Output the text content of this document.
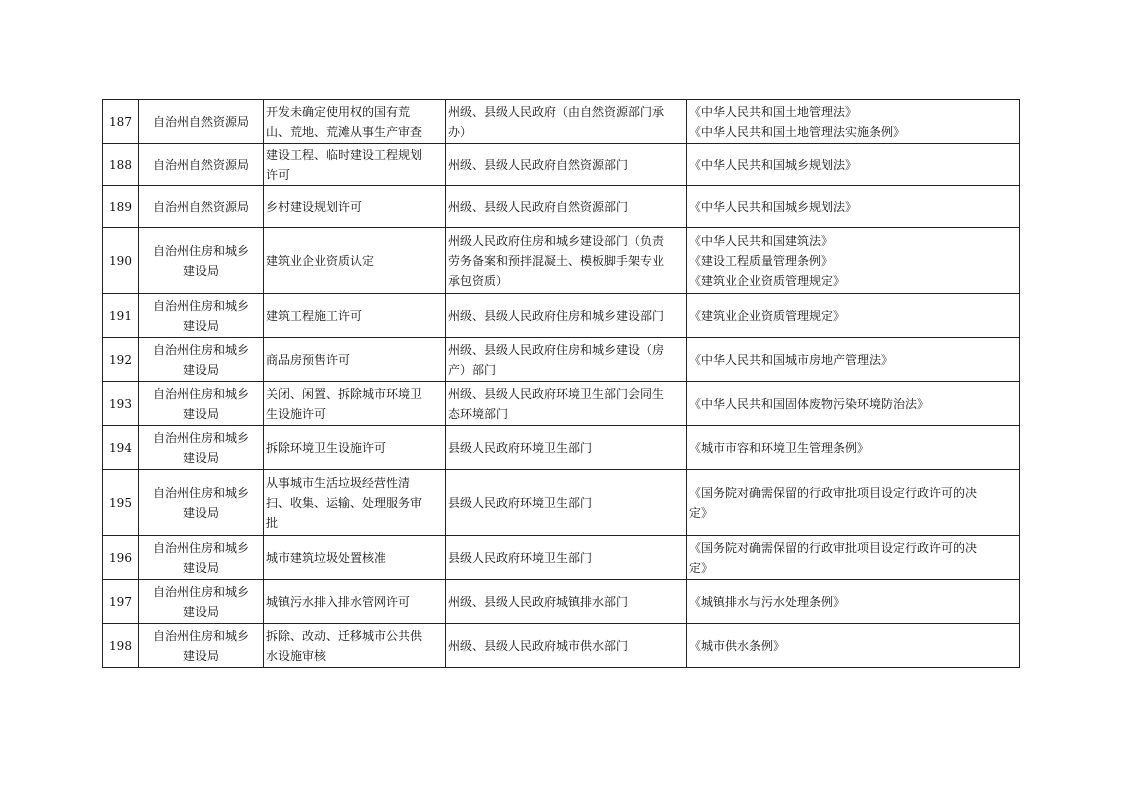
187	自治州自然资源局	开发未确定使用权的国有荒
山、荒地、荒滩从事生产审查	州级、县级人民政府（由自然资源部门承
办）	《中华人民共和国土地管理法》
《中华人民共和国土地管理法实施条例》

188	自治州自然资源局	建设工程、临时建设工程规划
许可	州级、县级人民政府自然资源部门	《中华人民共和国城乡规划法》

189	自治州自然资源局	乡村建设规划许可	州级、县级人民政府自然资源部门	《中华人民共和国城乡规划法》

190	自治州住房和城乡
建设局	建筑业企业资质认定	州级人民政府住房和城乡建设部门（负责
劳务备案和预拌混凝土、模板脚手架专业
承包资质）	《中华人民共和国建筑法》
《建设工程质量管理条例》
《建筑业企业资质管理规定》

191	自治州住房和城乡
建设局	建筑工程施工许可	州级、县级人民政府住房和城乡建设部门	《建筑业企业资质管理规定》

192	自治州住房和城乡
建设局	商品房预售许可	州级、县级人民政府住房和城乡建设（房
产）部门	《中华人民共和国城市房地产管理法》

193	自治州住房和城乡
建设局	关闭、闲置、拆除城市环境卫
生设施许可	州级、县级人民政府环境卫生部门会同生
态环境部门	《中华人民共和国固体废物污染环境防治法》

194	自治州住房和城乡
建设局	拆除环境卫生设施许可	县级人民政府环境卫生部门	《城市市容和环境卫生管理条例》

195	自治州住房和城乡
建设局	从事城市生活垃圾经营性清
扫、收集、运输、处理服务审
批	县级人民政府环境卫生部门	《国务院对确需保留的行政审批项目设定行政许可的决
定》

196	自治州住房和城乡
建设局	城市建筑垃圾处置核准	县级人民政府环境卫生部门	《国务院对确需保留的行政审批项目设定行政许可的决
定》

197	自治州住房和城乡
建设局	城镇污水排入排水管网许可	州级、县级人民政府城镇排水部门	《城镇排水与污水处理条例》

198	自治州住房和城乡
建设局	拆除、改动、迁移城市公共供
水设施审核	州级、县级人民政府城市供水部门	《城市供水条例》
